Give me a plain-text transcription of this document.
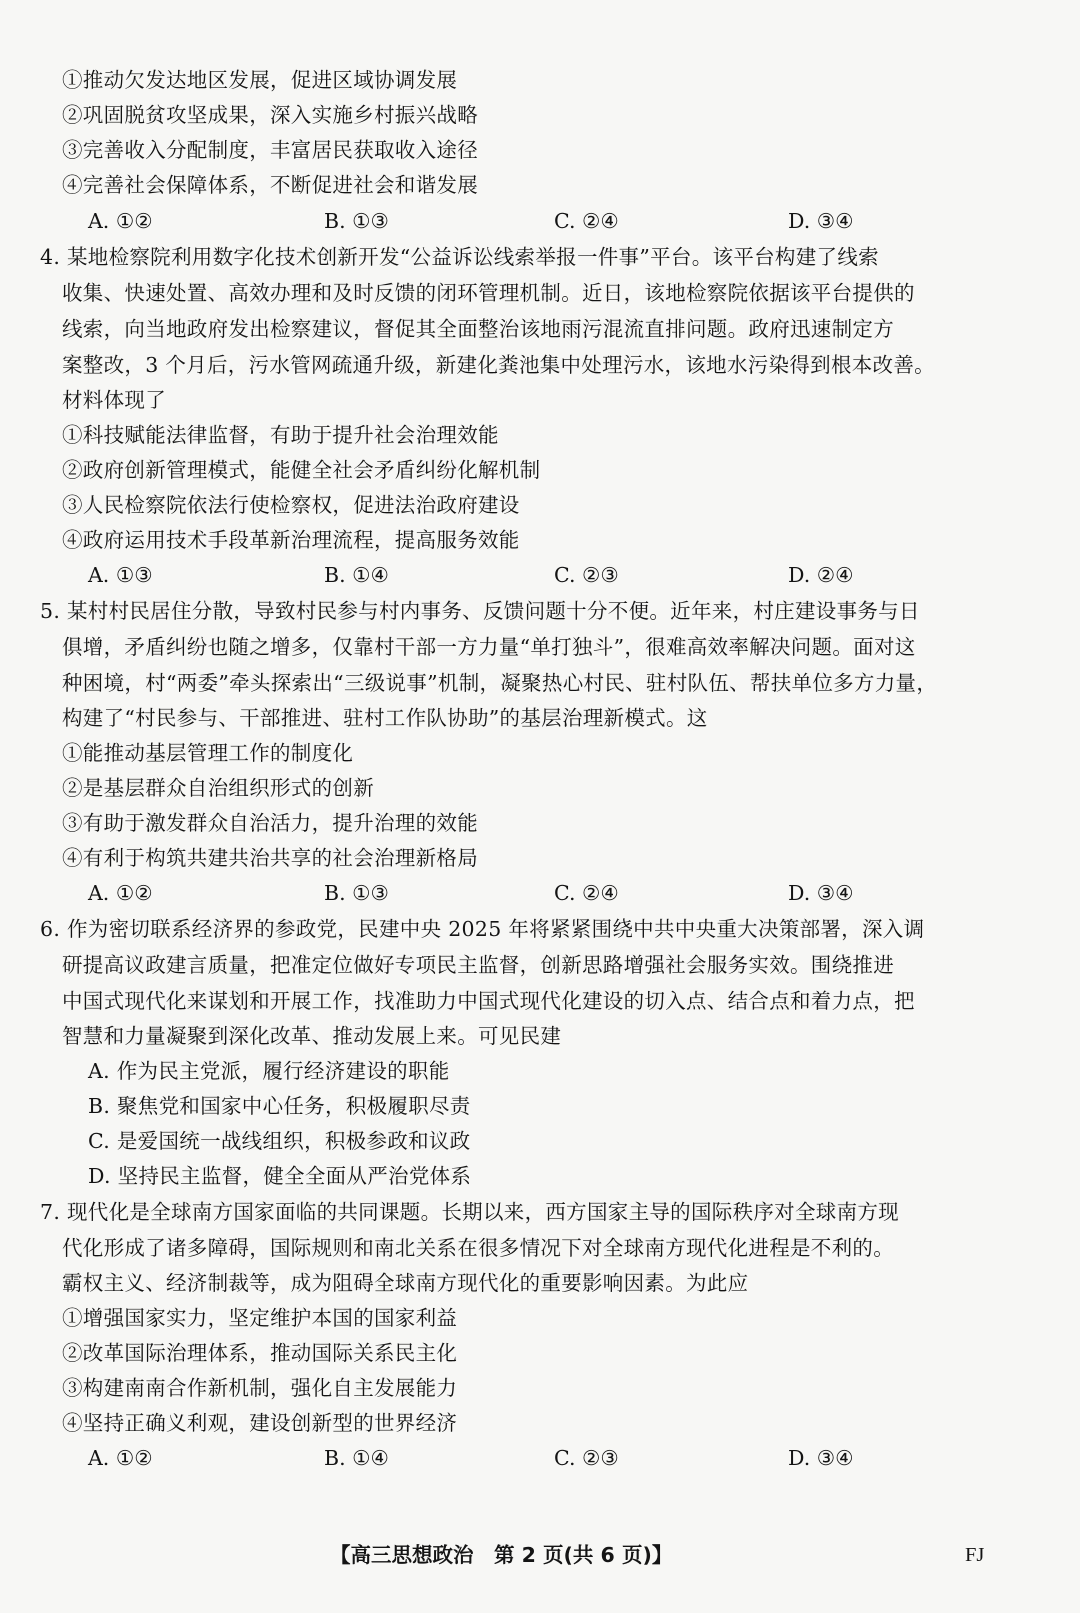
①推动欠发达地区发展，促进区域协调发展
②巩固脱贫攻坚成果，深入实施乡村振兴战略
③完善收入分配制度，丰富居民获取收入途径
④完善社会保障体系，不断促进社会和谐发展
A. ①②	B. ①③	C. ②④	D. ③④
4. 某地检察院利用数字化技术创新开发“公益诉讼线索举报一件事”平台。该平台构建了线索
收集、快速处置、高效办理和及时反馈的闭环管理机制。近日，该地检察院依据该平台提供的
线索，向当地政府发出检察建议，督促其全面整治该地雨污混流直排问题。政府迅速制定方
案整改，3 个月后，污水管网疏通升级，新建化粪池集中处理污水，该地水污染得到根本改善。
材料体现了
①科技赋能法律监督，有助于提升社会治理效能
②政府创新管理模式，能健全社会矛盾纠纷化解机制
③人民检察院依法行使检察权，促进法治政府建设
④政府运用技术手段革新治理流程，提高服务效能
A. ①③	B. ①④	C. ②③	D. ②④
5. 某村村民居住分散，导致村民参与村内事务、反馈问题十分不便。近年来，村庄建设事务与日
俱增，矛盾纠纷也随之增多，仅靠村干部一方力量“单打独斗”，很难高效率解决问题。面对这
种困境，村“两委”牵头探索出“三级说事”机制，凝聚热心村民、驻村队伍、帮扶单位多方力量，
构建了“村民参与、干部推进、驻村工作队协助”的基层治理新模式。这
①能推动基层管理工作的制度化
②是基层群众自治组织形式的创新
③有助于激发群众自治活力，提升治理的效能
④有利于构筑共建共治共享的社会治理新格局
A. ①②	B. ①③	C. ②④	D. ③④
6. 作为密切联系经济界的参政党，民建中央 2025 年将紧紧围绕中共中央重大决策部署，深入调
研提高议政建言质量，把准定位做好专项民主监督，创新思路增强社会服务实效。围绕推进
中国式现代化来谋划和开展工作，找准助力中国式现代化建设的切入点、结合点和着力点，把
智慧和力量凝聚到深化改革、推动发展上来。可见民建
A. 作为民主党派，履行经济建设的职能
B. 聚焦党和国家中心任务，积极履职尽责
C. 是爱国统一战线组织，积极参政和议政
D. 坚持民主监督，健全全面从严治党体系
7. 现代化是全球南方国家面临的共同课题。长期以来，西方国家主导的国际秩序对全球南方现
代化形成了诸多障碍，国际规则和南北关系在很多情况下对全球南方现代化进程是不利的。
霸权主义、经济制裁等，成为阻碍全球南方现代化的重要影响因素。为此应
①增强国家实力，坚定维护本国的国家利益
②改革国际治理体系，推动国际关系民主化
③构建南南合作新机制，强化自主发展能力
④坚持正确义利观，建设创新型的世界经济
A. ①②	B. ①④	C. ②③	D. ③④
【高三思想政治　第 2 页(共 6 页)】	FJ
